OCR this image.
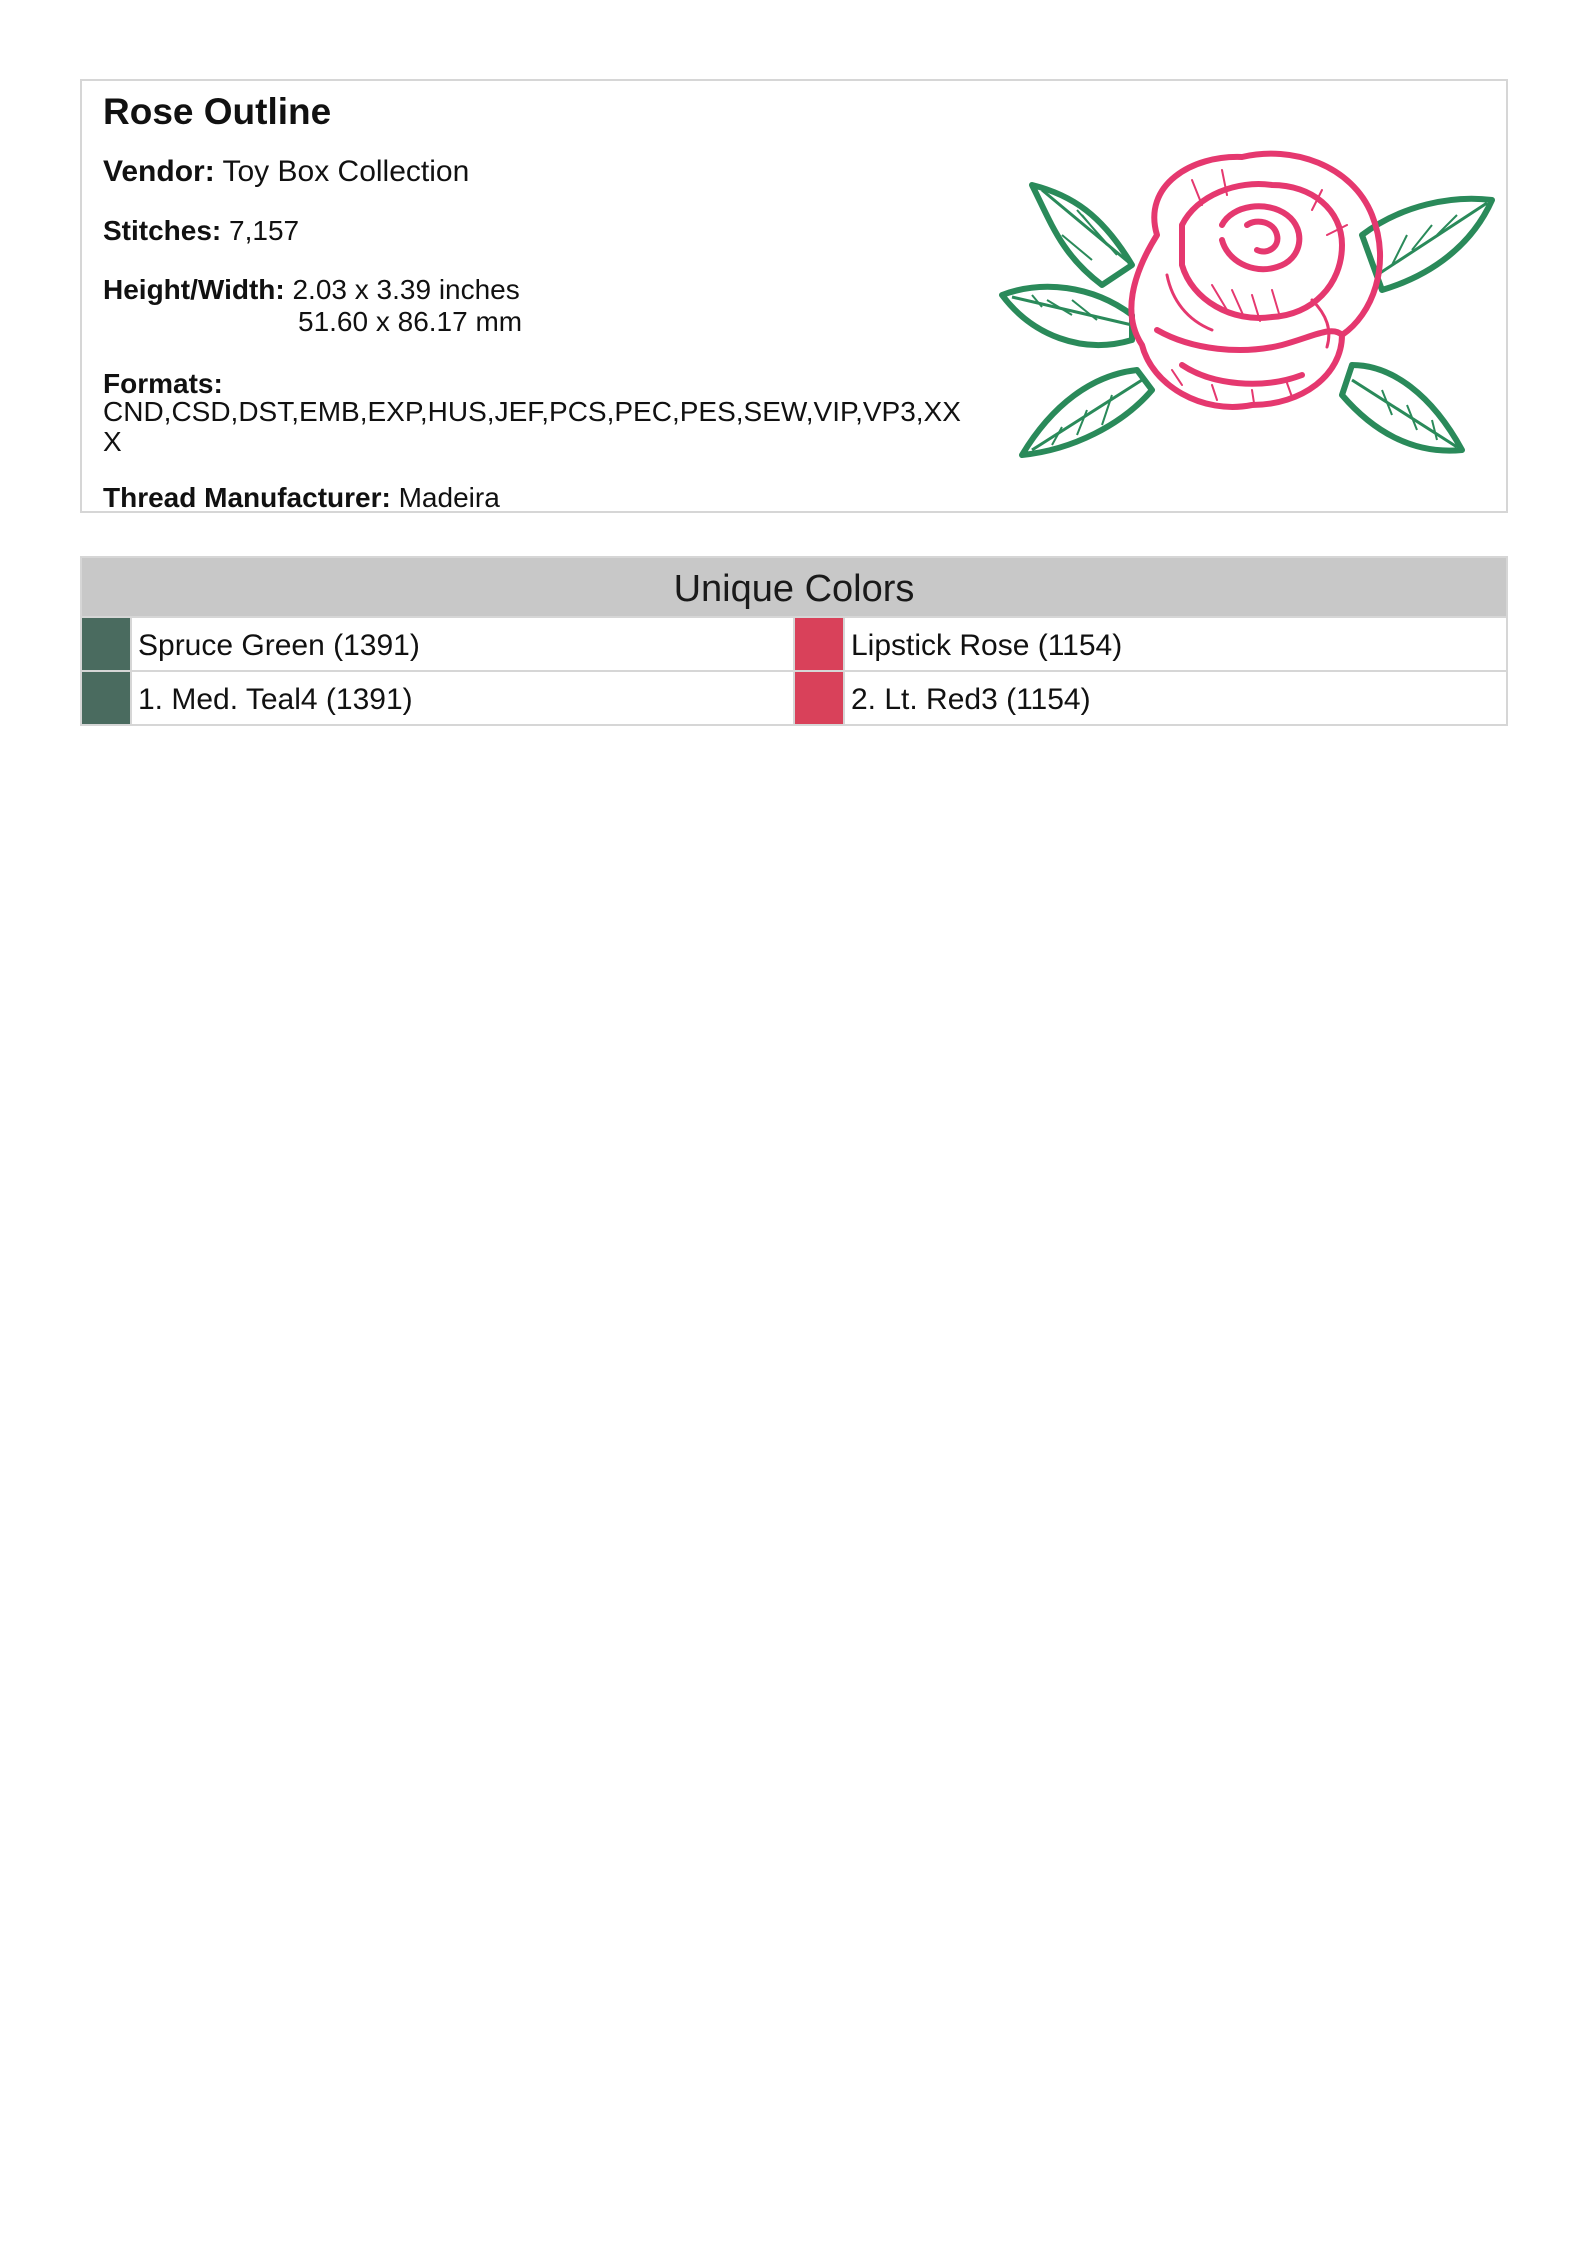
Rose Outline
Vendor: Toy Box Collection
Stitches: 7,157
Height/Width: 2.03 x 3.39 inches
51.60 x 86.17 mm
Formats:
CND,CSD,DST,EMB,EXP,HUS,JEF,PCS,PEC,PES,SEW,VIP,VP3,XXX
Thread Manufacturer: Madeira
Unique Colors
Spruce Green (1391)	Lipstick Rose (1154)
1. Med. Teal4 (1391)	2. Lt. Red3 (1154)
